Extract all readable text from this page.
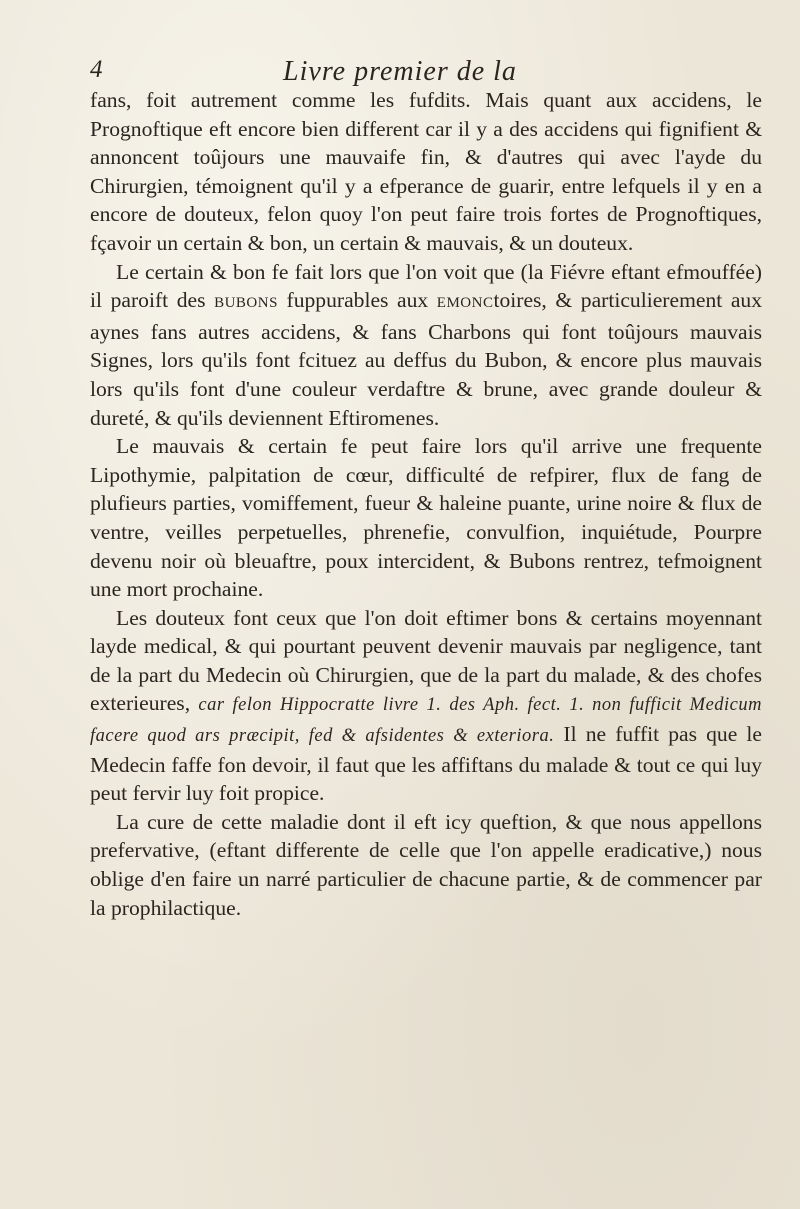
4	Livre premier de la

fans, foit autrement comme les fufdits. Mais quant aux accidens, le Prognoftique eft encore bien different car il y a des accidens qui fignifient & annoncent toûjours une mauvaife fin, & d'autres qui avec l'ayde du Chirurgien, témoignent qu'il y a efperance de guarir, entre lefquels il y en a encore de douteux, felon quoy l'on peut faire trois fortes de Prognoftiques, fçavoir un certain & bon, un certain & mauvais, & un douteux.

Le certain & bon fe fait lors que l'on voit que (la Fiévre eftant efmouffée) il paroift des BUBONS fuppurables aux EMONCtoires, & particulierement aux aynes fans autres accidens, & fans Charbons qui font toûjours mauvais Signes, lors qu'ils font fcituez au deffus du Bubon, & encore plus mauvais lors qu'ils font d'une couleur verdaftre & brune, avec grande douleur & dureté, & qu'ils deviennent Eftiromenes.

Le mauvais & certain fe peut faire lors qu'il arrive une frequente Lipothymie, palpitation de cœur, difficulté de refpirer, flux de fang de plufieurs parties, vomiffement, fueur & haleine puante, urine noire & flux de ventre, veilles perpetuelles, phrenefie, convulfion, inquiétude, Pourpre devenu noir où bleuaftre, poux intercident, & Bubons rentrez, tefmoignent une mort prochaine.

Les douteux font ceux que l'on doit eftimer bons & certains moyennant layde medical, & qui pourtant peuvent devenir mauvais par negligence, tant de la part du Medecin où Chirurgien, que de la part du malade, & des chofes exterieures, car felon Hippocratte livre 1. des Aph. fect. 1. non fufficit Medicum facere quod ars præcipit, fed & afsidentes & exteriora. Il ne fuffit pas que le Medecin faffe fon devoir, il faut que les affiftans du malade & tout ce qui luy peut fervir luy foit propice.

La cure de cette maladie dont il eft icy queftion, & que nous appellons prefervative, (eftant differente de celle que l'on appelle eradicative,) nous oblige d'en faire un narré particulier de chacune partie, & de commencer par la prophilactique.
